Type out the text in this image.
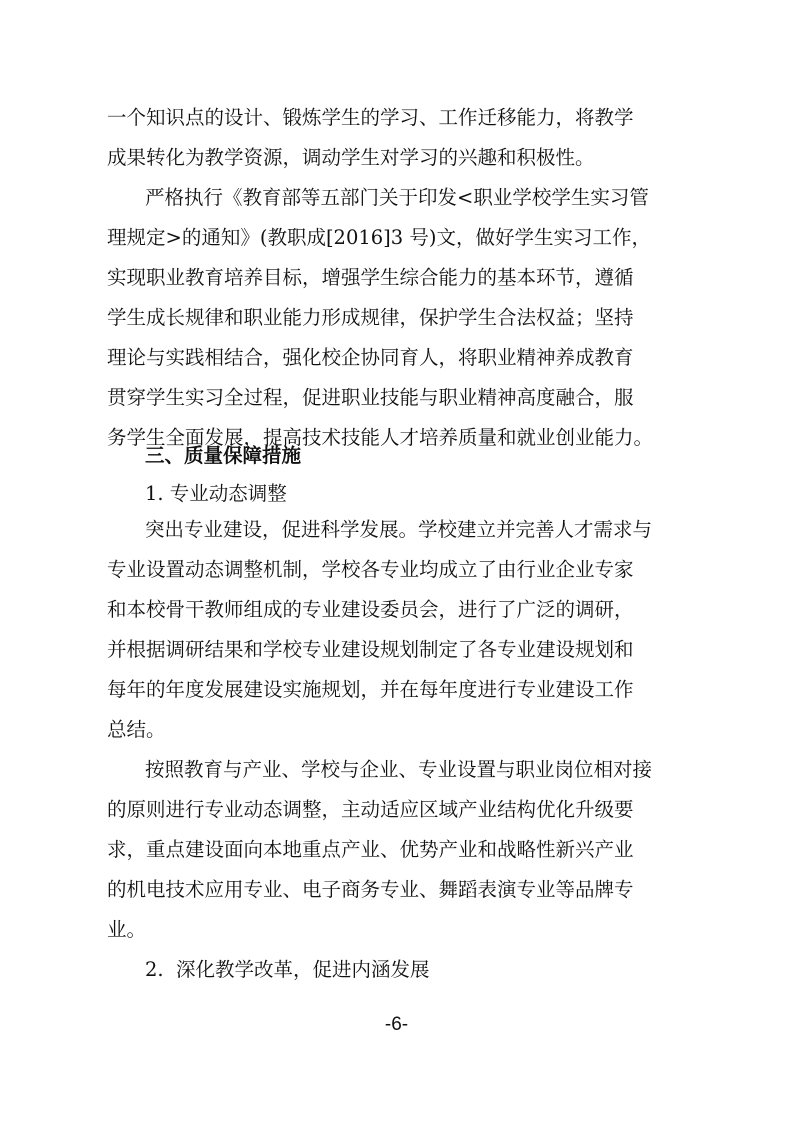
一个知识点的设计、锻炼学生的学习、工作迁移能力，将教学
成果转化为教学资源，调动学生对学习的兴趣和积极性。
严格执行《教育部等五部门关于印发<职业学校学生实习管
理规定>的通知》(教职成[2016]3 号)文，做好学生实习工作，
实现职业教育培养目标，增强学生综合能力的基本环节，遵循
学生成长规律和职业能力形成规律，保护学生合法权益；坚持
理论与实践相结合，强化校企协同育人，将职业精神养成教育
贯穿学生实习全过程，促进职业技能与职业精神高度融合，服
务学生全面发展，提高技术技能人才培养质量和就业创业能力。
三、质量保障措施
1. 专业动态调整
突出专业建设，促进科学发展。学校建立并完善人才需求与
专业设置动态调整机制，学校各专业均成立了由行业企业专家
和本校骨干教师组成的专业建设委员会，进行了广泛的调研，
并根据调研结果和学校专业建设规划制定了各专业建设规划和
每年的年度发展建设实施规划，并在每年度进行专业建设工作
总结。
按照教育与产业、学校与企业、专业设置与职业岗位相对接
的原则进行专业动态调整，主动适应区域产业结构优化升级要
求，重点建设面向本地重点产业、优势产业和战略性新兴产业
的机电技术应用专业、电子商务专业、舞蹈表演专业等品牌专
业。
2.  深化教学改革，促进内涵发展
-6-
